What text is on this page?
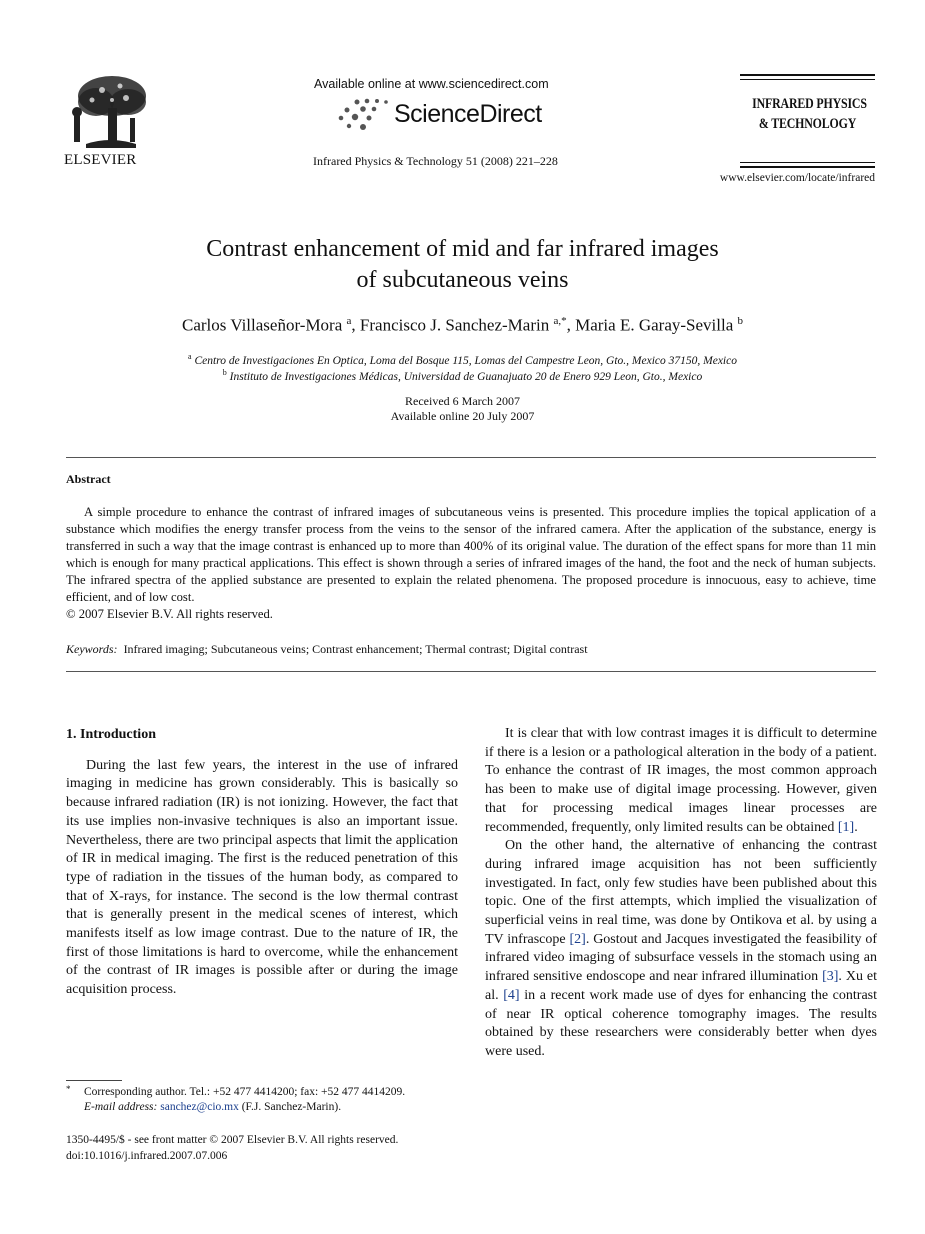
ELSEVIER
Available online at www.sciencedirect.com
ScienceDirect
Infrared Physics & Technology 51 (2008) 221–228
INFRARED PHYSICS
& TECHNOLOGY
www.elsevier.com/locate/infrared
Contrast enhancement of mid and far infrared images
of subcutaneous veins
Carlos Villaseñor-Mora $^a$, Francisco J. Sanchez-Marin $^{a,*}$, Maria E. Garay-Sevilla $^b$
$^a$ Centro de Investigaciones En Optica, Loma del Bosque 115, Lomas del Campestre Leon, Gto., Mexico 37150, Mexico
$^b$ Instituto de Investigaciones Médicas, Universidad de Guanajuato 20 de Enero 929 Leon, Gto., Mexico
Received 6 March 2007
Available online 20 July 2007
Abstract
A simple procedure to enhance the contrast of infrared images of subcutaneous veins is presented. This procedure implies the topical application of a substance which modifies the energy transfer process from the veins to the sensor of the infrared camera. After the application of the substance, energy is transferred in such a way that the image contrast is enhanced up to more than 400% of its original value. The duration of the effect spans for more than 11 min which is enough for many practical applications. This effect is shown through a series of infrared images of the hand, the foot and the neck of human subjects. The infrared spectra of the applied substance are presented to explain the related phenomena. The proposed procedure is innocuous, easy to achieve, time efficient, and of low cost.
© 2007 Elsevier B.V. All rights reserved.
Keywords: Infrared imaging; Subcutaneous veins; Contrast enhancement; Thermal contrast; Digital contrast
1. Introduction

During the last few years, the interest in the use of infrared imaging in medicine has grown considerably. This is basically so because infrared radiation (IR) is not ionizing. However, the fact that its use implies non-invasive techniques is also an important issue. Nevertheless, there are two principal aspects that limit the application of IR in medical imaging. The first is the reduced penetration of this type of radiation in the tissues of the human body, as compared to that of X-rays, for instance. The second is the low thermal contrast that is generally present in the medical scenes of interest, which manifests itself as low image contrast. Due to the nature of IR, the first of those limitations is hard to overcome, while the enhancement of the contrast of IR images is possible after or during the image acquisition process.

It is clear that with low contrast images it is difficult to determine if there is a lesion or a pathological alteration in the body of a patient. To enhance the contrast of IR images, the most common approach has been to make use of digital image processing. However, given that for processing medical images linear processes are recommended, frequently, only limited results can be obtained [1].

On the other hand, the alternative of enhancing the contrast during infrared image acquisition has not been sufficiently investigated. In fact, only few studies have been published about this topic. One of the first attempts, which implied the visualization of superficial veins in real time, was done by Ontikova et al. by using a TV infrascope [2]. Gostout and Jacques investigated the feasibility of infrared video imaging of subsurface vessels in the stomach using an infrared sensitive endoscope and near infrared illumination [3]. Xu et al. [4] in a recent work made use of dyes for enhancing the contrast of near IR optical coherence tomography images. The results obtained by these researchers were considerably better when dyes were used.

*	Corresponding author. Tel.: +52 477 4414200; fax: +52 477 4414209.
E-mail address: sanchez@cio.mx (F.J. Sanchez-Marin).
1350-4495/$ - see front matter © 2007 Elsevier B.V. All rights reserved.
doi:10.1016/j.infrared.2007.07.006
